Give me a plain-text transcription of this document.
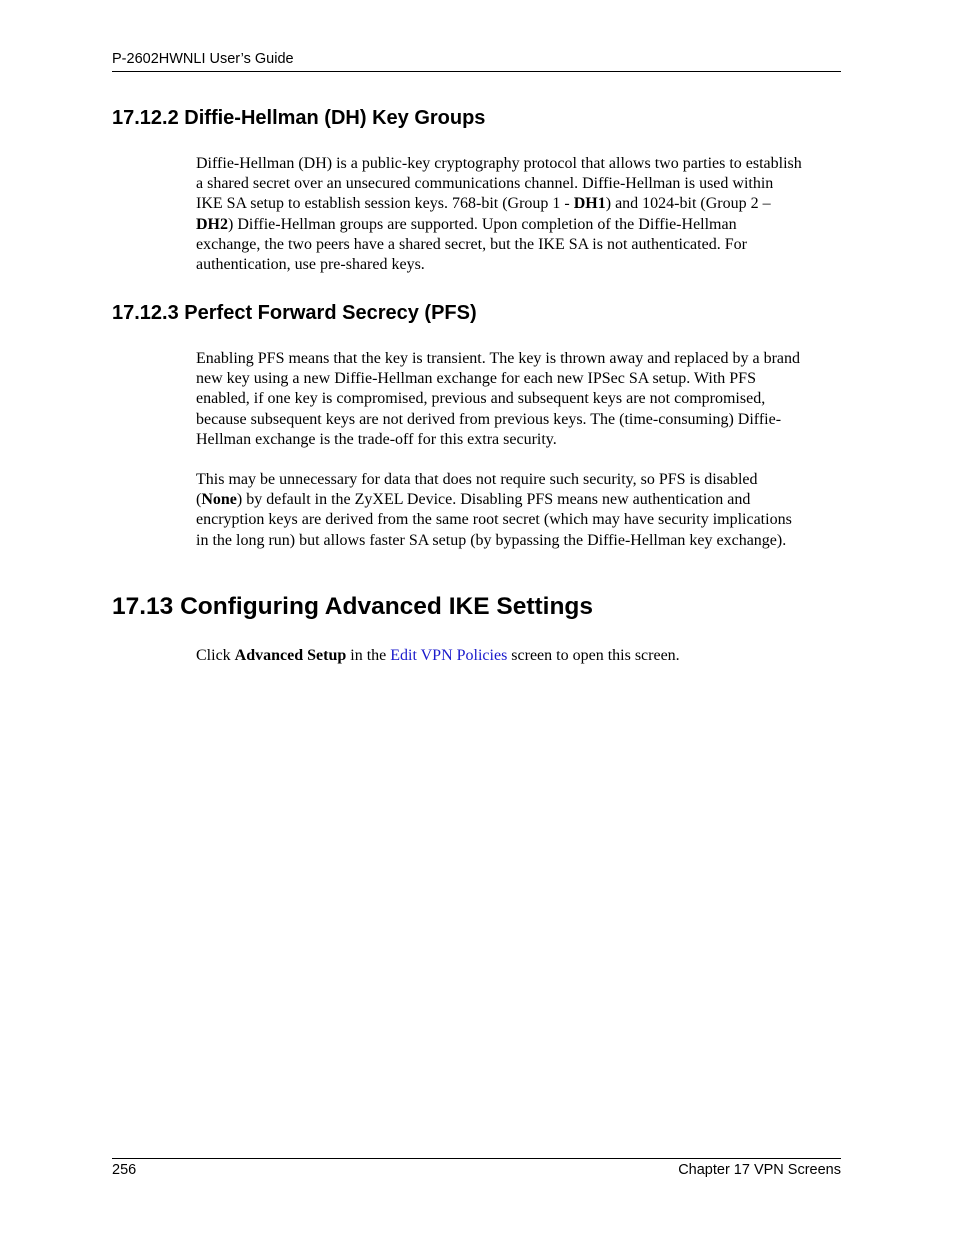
P-2602HWNLI User’s Guide
17.12.2 Diffie-Hellman (DH) Key Groups
Diffie-Hellman (DH) is a public-key cryptography protocol that allows two parties to establish
a shared secret over an unsecured communications channel. Diffie-Hellman is used within
IKE SA setup to establish session keys. 768-bit (Group 1 - DH1) and 1024-bit (Group 2 –
DH2) Diffie-Hellman groups are supported. Upon completion of the Diffie-Hellman
exchange, the two peers have a shared secret, but the IKE SA is not authenticated. For
authentication, use pre-shared keys.
17.12.3 Perfect Forward Secrecy (PFS)
Enabling PFS means that the key is transient. The key is thrown away and replaced by a brand
new key using a new Diffie-Hellman exchange for each new IPSec SA setup. With PFS
enabled, if one key is compromised, previous and subsequent keys are not compromised,
because subsequent keys are not derived from previous keys. The (time-consuming) Diffie-
Hellman exchange is the trade-off for this extra security.
This may be unnecessary for data that does not require such security, so PFS is disabled
(None) by default in the ZyXEL Device. Disabling PFS means new authentication and
encryption keys are derived from the same root secret (which may have security implications
in the long run) but allows faster SA setup (by bypassing the Diffie-Hellman key exchange).
17.13 Configuring Advanced IKE Settings
Click Advanced Setup in the Edit VPN Policies screen to open this screen.
256	Chapter 17 VPN Screens
